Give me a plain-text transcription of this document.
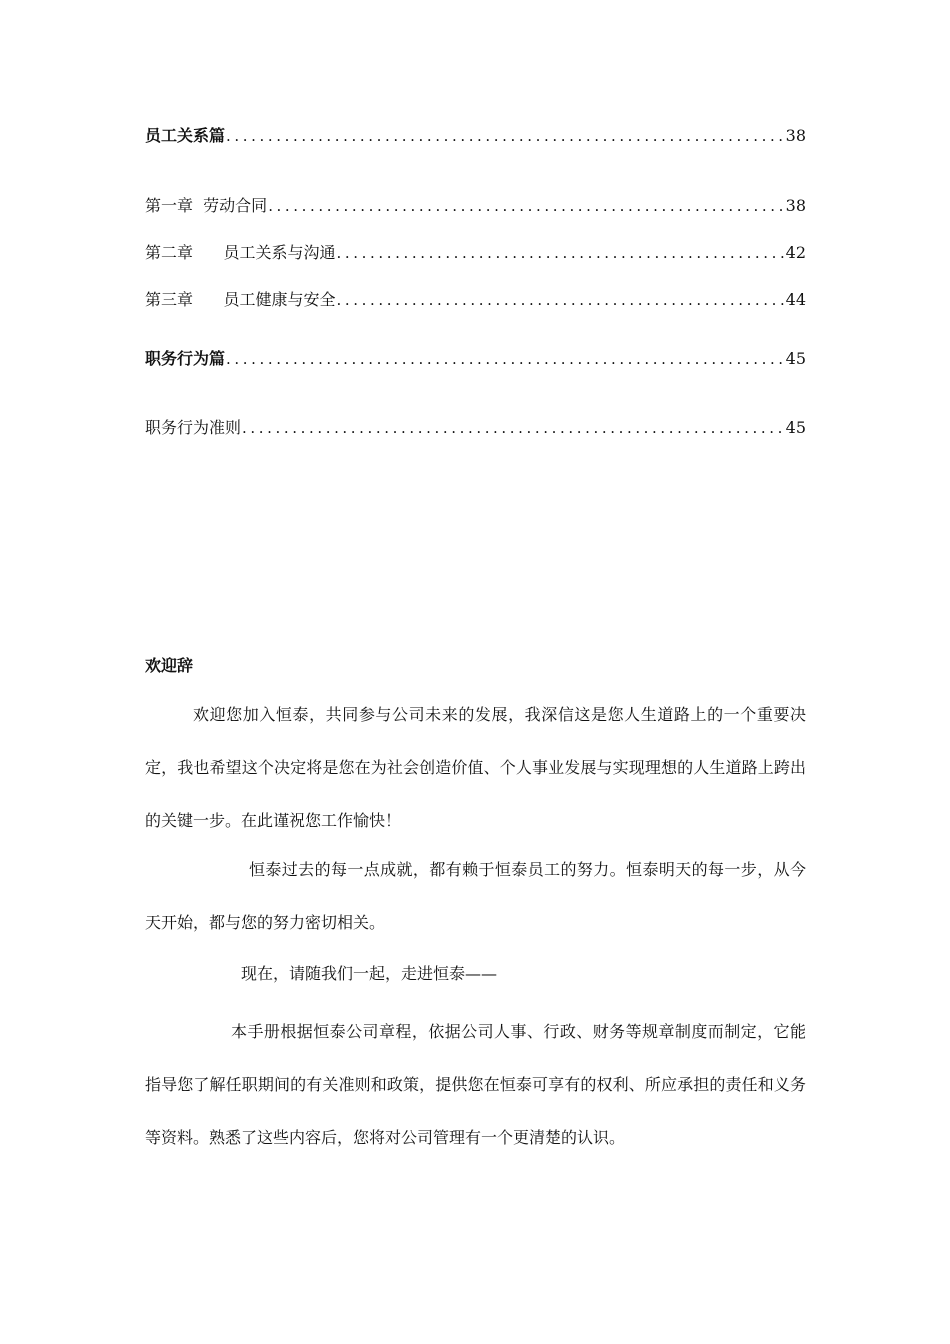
员工关系篇 .....	38
第一章  劳动合同 .....	38
第二章      员工关系与沟通 .....	42
第三章      员工健康与安全 .....	44
职务行为篇 .....	45
职务行为准则 .....	45
欢迎辞

欢迎您加入恒泰，共同参与公司未来的发展，我深信这是您人生道路上的一个重要决定，我也希望这个决定将是您在为社会创造价值、个人事业发展与实现理想的人生道路上跨出的关键一步。在此谨祝您工作愉快！

恒泰过去的每一点成就，都有赖于恒泰员工的努力。恒泰明天的每一步，从今天开始，都与您的努力密切相关。

现在，请随我们一起，走进恒泰——

本手册根据恒泰公司章程，依据公司人事、行政、财务等规章制度而制定，它能指导您了解任职期间的有关准则和政策，提供您在恒泰可享有的权利、所应承担的责任和义务等资料。熟悉了这些内容后，您将对公司管理有一个更清楚的认识。
